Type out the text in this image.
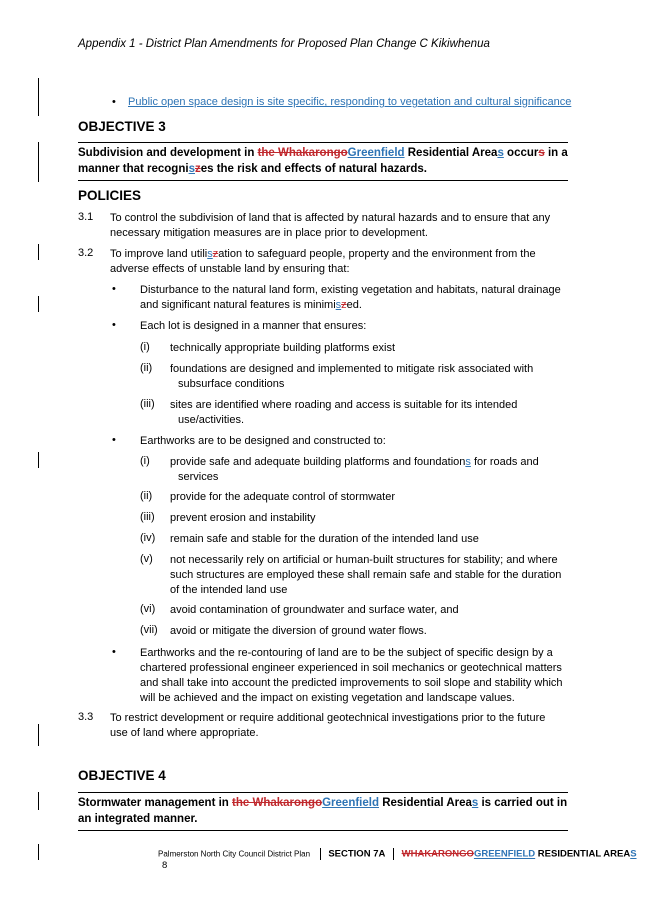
Appendix 1 - District Plan Amendments for Proposed Plan Change C Kikiwhenua
• Public open space design is site specific, responding to vegetation and cultural significance
OBJECTIVE 3
Subdivision and development in the WhakarongoGreenfield Residential Areas occurs in a manner that recogniszes the risk and effects of natural hazards.
POLICIES
3.1 To control the subdivision of land that is affected by natural hazards and to ensure that any
necessary mitigation measures are in place prior to development.
3.2 To improve land utiliszation to safeguard people, property and the environment from the
adverse effects of unstable land by ensuring that:
• Disturbance to the natural land form, existing vegetation and habitats, natural drainage
and significant natural features is minimiszed.
• Each lot is designed in a manner that ensures:
(i) technically appropriate building platforms exist
(ii) foundations are designed and implemented to mitigate risk associated with
subsurface conditions
(iii) sites are identified where roading and access is suitable for its intended
use/activities.
• Earthworks are to be designed and constructed to:
(i) provide safe and adequate building platforms and foundations for roads and
services
(ii) provide for the adequate control of stormwater
(iii) prevent erosion and instability
(iv) remain safe and stable for the duration of the intended land use
(v) not necessarily rely on artificial or human-built structures for stability; and where
such structures are employed these shall remain safe and stable for the duration
of the intended land use
(vi) avoid contamination of groundwater and surface water, and
(vii) avoid or mitigate the diversion of ground water flows.
• Earthworks and the re-contouring of land are to be the subject of specific design by a
chartered professional engineer experienced in soil mechanics or geotechnical matters
and shall take into account the predicted improvements to soil slope and stability which
will be achieved and the impact on existing vegetation and landscape values.
3.3 To restrict development or require additional geotechnical investigations prior to the future
use of land where appropriate.
OBJECTIVE 4
Stormwater management in the WhakarongoGreenfield Residential Areas is carried out in an integrated manner.
Palmerston North City Council District Plan SECTION 7A WHAKARONGOGREENFIELD RESIDENTIAL AREAS 8
